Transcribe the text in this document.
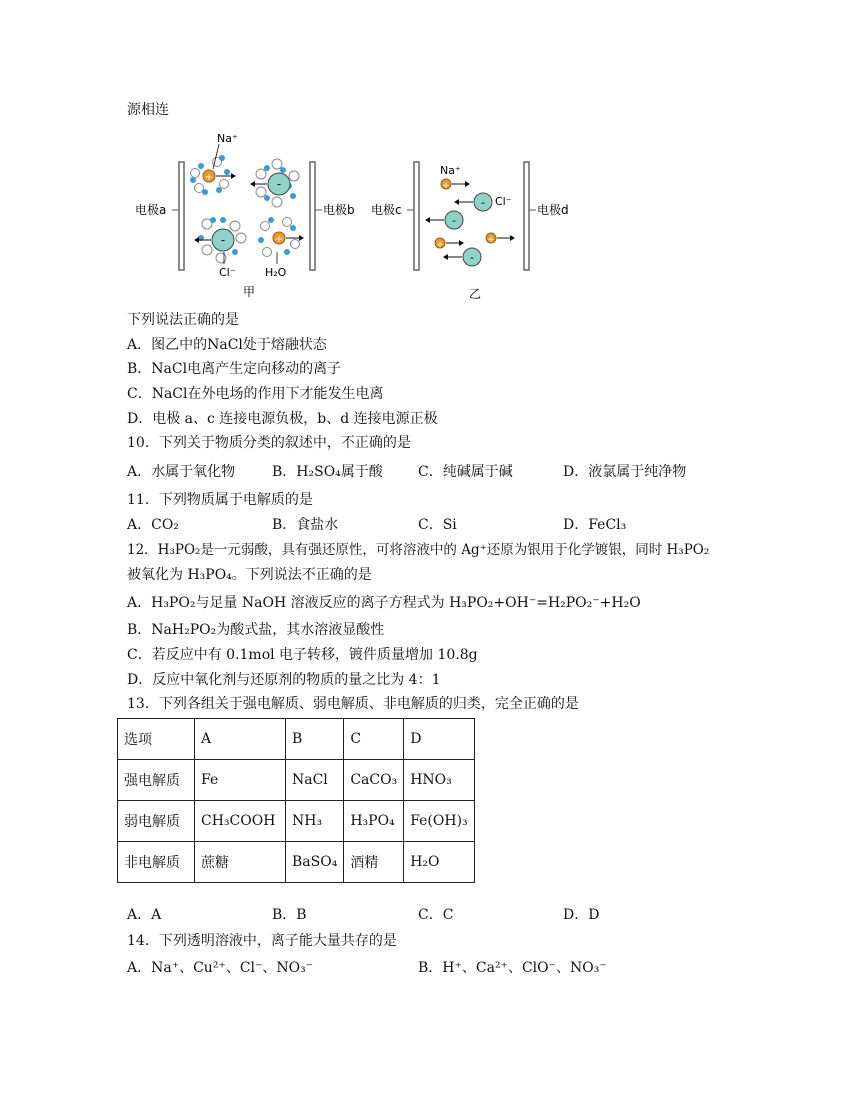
源相连
电极a	电极b
+
Na⁺
-
-
Cl⁻
+
H₂O
甲
电极c	电极d
Na⁺
+
- Cl⁻
-
+	+
-
乙
下列说法正确的是
A．图乙中的NaCl处于熔融状态
B．NaCl电离产生定向移动的离子
C．NaCl在外电场的作用下才能发生电离
D．电极 a、c 连接电源负极，b、d 连接电源正极
10．下列关于物质分类的叙述中，不正确的是
A．水属于氧化物	B．H₂SO₄属于酸	C．纯碱属于碱	D．液氯属于纯净物
11．下列物质属于电解质的是
A．CO₂	B．食盐水	C．Si	D．FeCl₃
12．H₃PO₂是一元弱酸，具有强还原性，可将溶液中的 Ag⁺还原为银用于化学镀银，同时 H₃PO₂
被氧化为 H₃PO₄。下列说法不正确的是
A．H₃PO₂与足量 NaOH 溶液反应的离子方程式为 H₃PO₂+OH⁻=H₂PO₂⁻+H₂O
B．NaH₂PO₂为酸式盐，其水溶液显酸性
C．若反应中有 0.1mol 电子转移，镀件质量增加 10.8g
D．反应中氧化剂与还原剂的物质的量之比为 4：1
13．下列各组关于强电解质、弱电解质、非电解质的归类，完全正确的是
选项	A	B	C	D
强电解质	Fe	NaCl	CaCO₃	HNO₃
弱电解质	CH₃COOH	NH₃	H₃PO₄	Fe(OH)₃
非电解质	蔗糖	BaSO₄	酒精	H₂O
A．A	B．B	C．C	D．D
14．下列透明溶液中，离子能大量共存的是
A．Na⁺、Cu²⁺、Cl⁻、NO₃⁻	B．H⁺、Ca²⁺、ClO⁻、NO₃⁻
